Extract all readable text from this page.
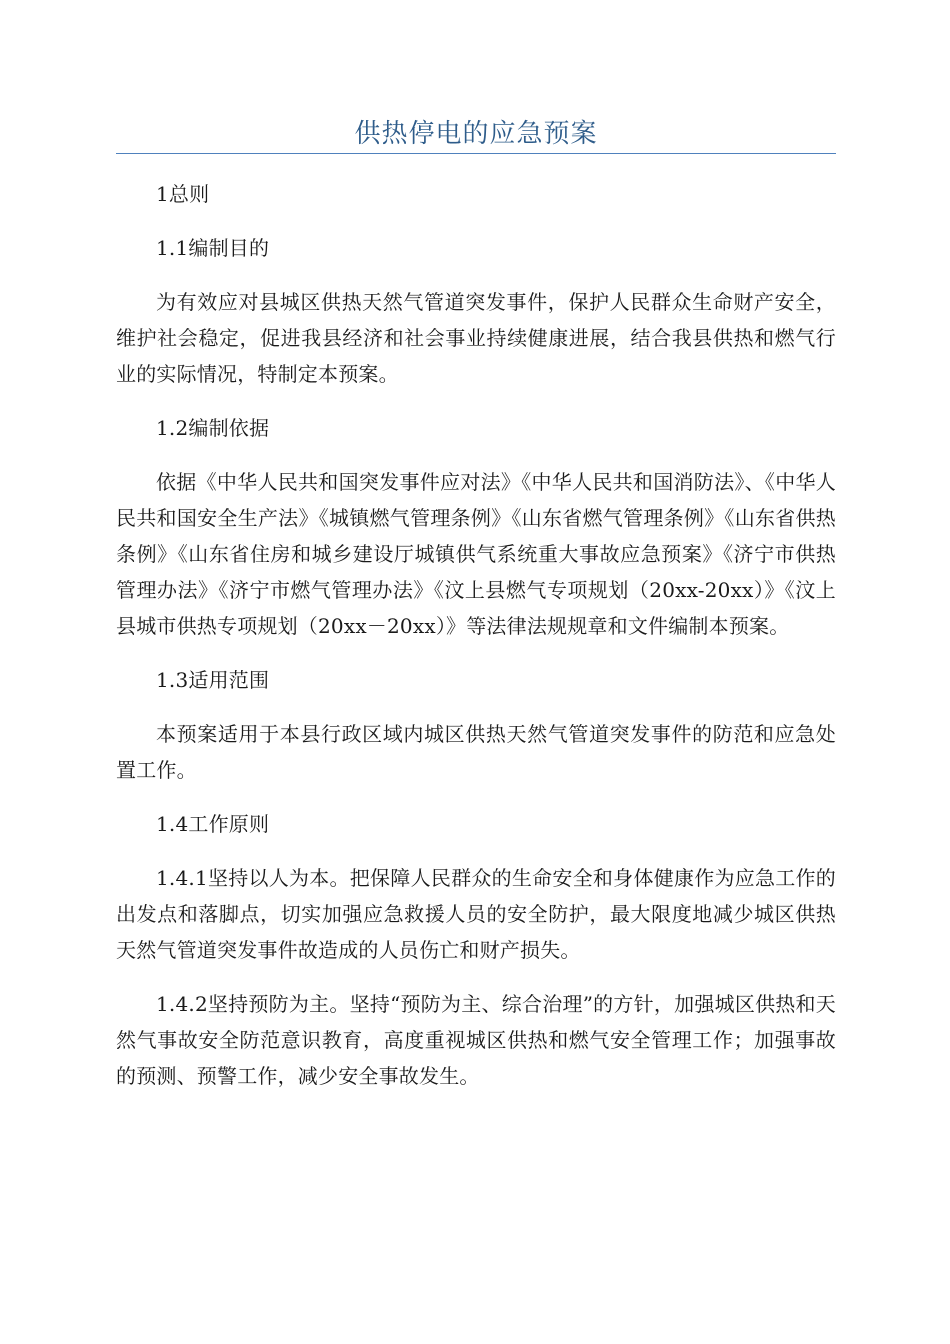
供热停电的应急预案

1总则

1.1编制目的

为有效应对县城区供热天然气管道突发事件，保护人民群众生命财产安全，维护社会稳定，促进我县经济和社会事业持续健康进展，结合我县供热和燃气行业的实际情况，特制定本预案。

1.2编制依据

依据《中华人民共和国突发事件应对法》《中华人民共和国消防法》、《中华人民共和国安全生产法》《城镇燃气管理条例》《山东省燃气管理条例》《山东省供热条例》《山东省住房和城乡建设厅城镇供气系统重大事故应急预案》《济宁市供热管理办法》《济宁市燃气管理办法》《汶上县燃气专项规划（20xx-20xx）》《汶上县城市供热专项规划（20xx－20xx）》等法律法规规章和文件编制本预案。

1.3适用范围

本预案适用于本县行政区域内城区供热天然气管道突发事件的防范和应急处置工作。

1.4工作原则

1.4.1坚持以人为本。把保障人民群众的生命安全和身体健康作为应急工作的出发点和落脚点，切实加强应急救援人员的安全防护，最大限度地减少城区供热天然气管道突发事件故造成的人员伤亡和财产损失。

1.4.2坚持预防为主。坚持“预防为主、综合治理”的方针，加强城区供热和天然气事故安全防范意识教育，高度重视城区供热和燃气安全管理工作；加强事故的预测、预警工作，减少安全事故发生。
